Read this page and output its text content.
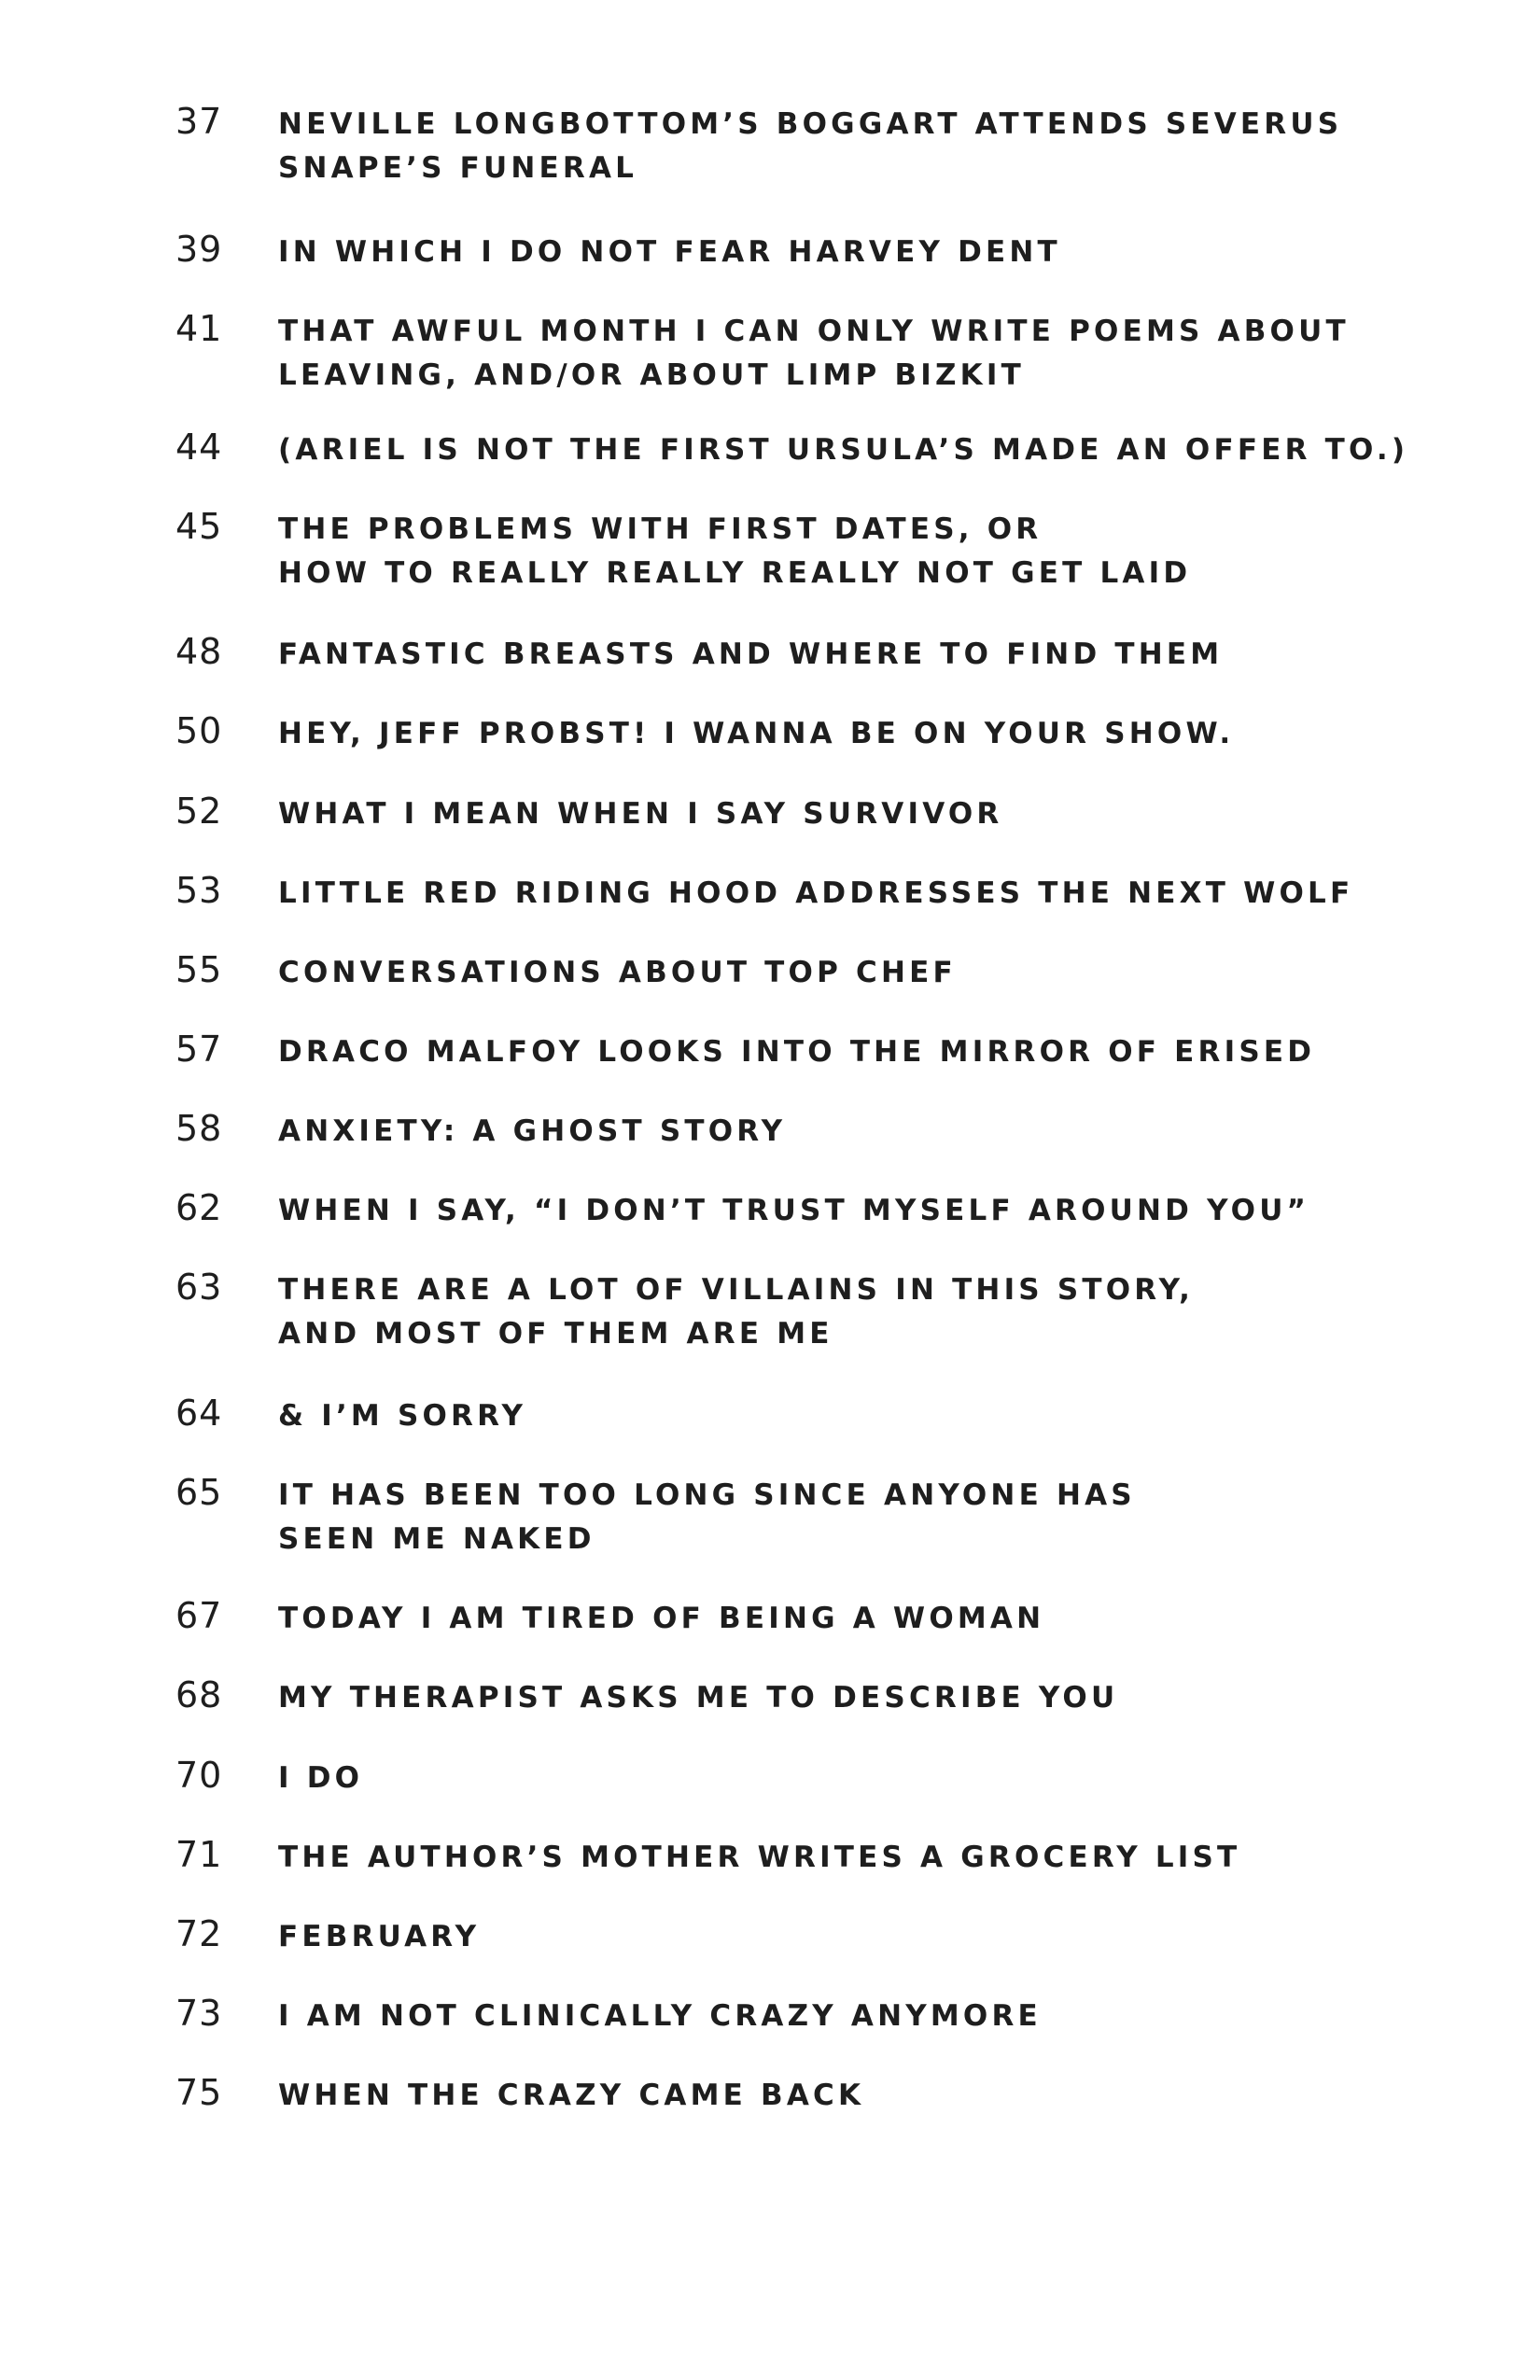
37 NEVILLE LONGBOTTOM’S BOGGART ATTENDS SEVERUS
SNAPE’S FUNERAL
39 IN WHICH I DO NOT FEAR HARVEY DENT
41 THAT AWFUL MONTH I CAN ONLY WRITE POEMS ABOUT
LEAVING, AND/OR ABOUT LIMP BIZKIT
44 (ARIEL IS NOT THE FIRST URSULA’S MADE AN OFFER TO.)
45 THE PROBLEMS WITH FIRST DATES, OR
HOW TO REALLY REALLY REALLY NOT GET LAID
48 FANTASTIC BREASTS AND WHERE TO FIND THEM
50 HEY, JEFF PROBST! I WANNA BE ON YOUR SHOW.
52 WHAT I MEAN WHEN I SAY SURVIVOR
53 LITTLE RED RIDING HOOD ADDRESSES THE NEXT WOLF
55 CONVERSATIONS ABOUT TOP CHEF
57 DRACO MALFOY LOOKS INTO THE MIRROR OF ERISED
58 ANXIETY: A GHOST STORY
62 WHEN I SAY, “I DON’T TRUST MYSELF AROUND YOU”
63 THERE ARE A LOT OF VILLAINS IN THIS STORY,
AND MOST OF THEM ARE ME
64 & I’M SORRY
65 IT HAS BEEN TOO LONG SINCE ANYONE HAS
SEEN ME NAKED
67 TODAY I AM TIRED OF BEING A WOMAN
68 MY THERAPIST ASKS ME TO DESCRIBE YOU
70 I DO
71 THE AUTHOR’S MOTHER WRITES A GROCERY LIST
72 FEBRUARY
73 I AM NOT CLINICALLY CRAZY ANYMORE
75 WHEN THE CRAZY CAME BACK
